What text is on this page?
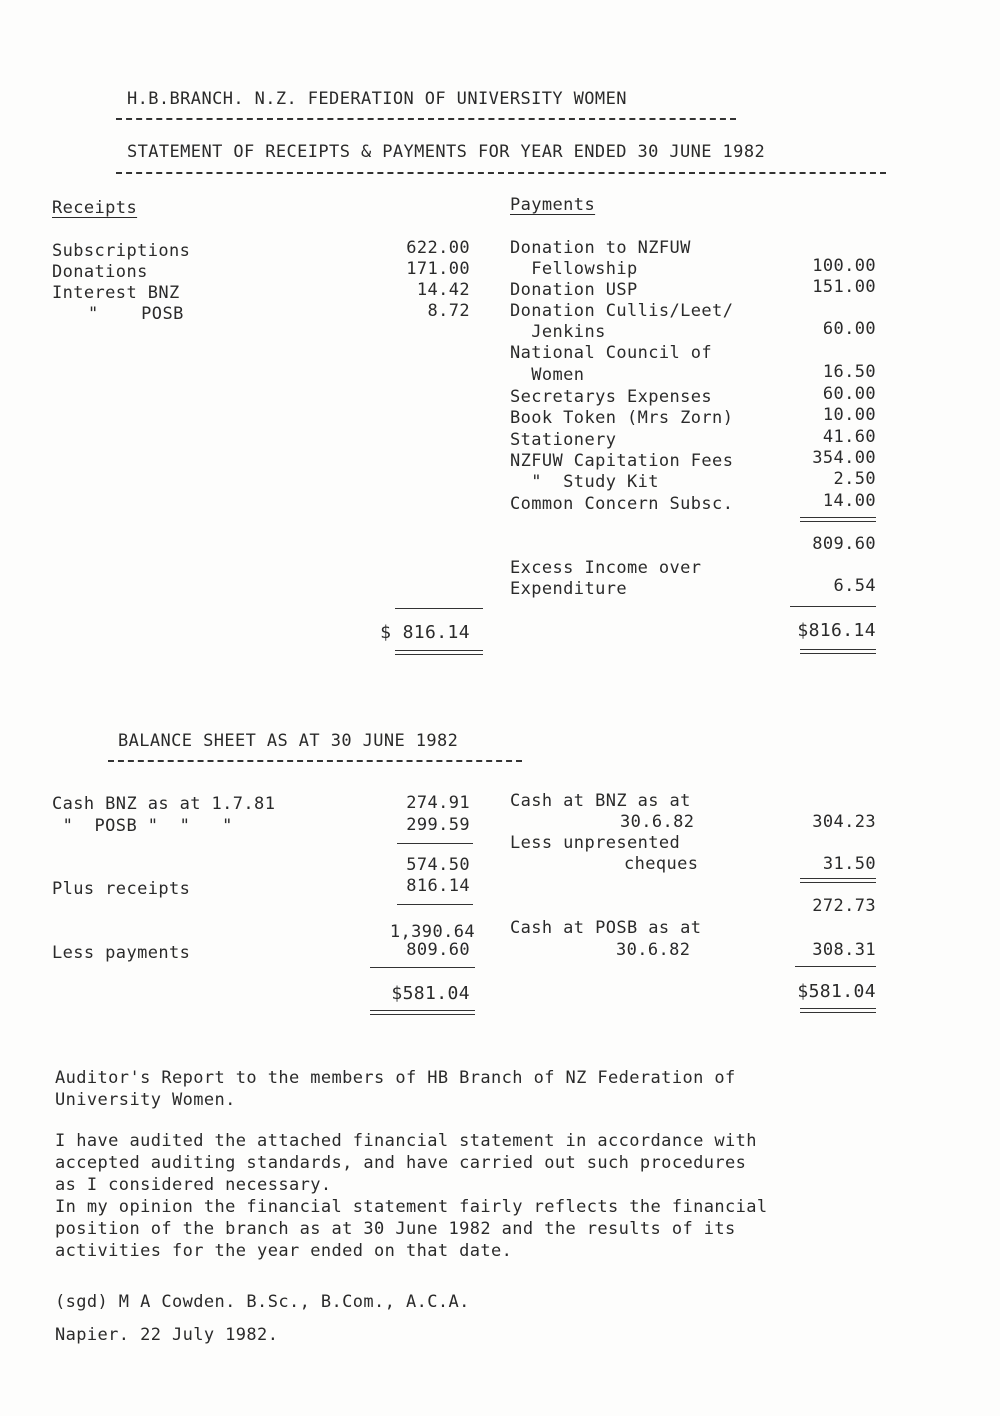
H.B.BRANCH. N.Z. FEDERATION OF UNIVERSITY WOMEN
STATEMENT OF RECEIPTS & PAYMENTS FOR YEAR ENDED 30 JUNE 1982
Receipts
Subscriptions	622.00
Donations	171.00
Interest BNZ	14.42
"    POSB	8.72
$ 816.14
Payments
Donation to NZFUW
Fellowship	100.00
Donation USP	151.00
Donation Cullis/Leet/
Jenkins	60.00
National Council of
Women	16.50
Secretarys Expenses	60.00
Book Token (Mrs Zorn)	10.00
Stationery	41.60
NZFUW Capitation Fees	354.00
"  Study Kit	2.50
Common Concern Subsc.	14.00
809.60
Excess Income over
Expenditure	6.54
$816.14
BALANCE SHEET AS AT 30 JUNE 1982
Cash BNZ as at 1.7.81	274.91
"  POSB "  "   "	299.59
574.50
Plus receipts	816.14
1,390.64
Less payments	809.60
$581.04
Cash at BNZ as at
30.6.82	304.23
Less unpresented
cheques	31.50
272.73
Cash at POSB as at
30.6.82	308.31
$581.04
Auditor's Report to the members of HB Branch of NZ Federation of
University Women.
I have audited the attached financial statement in accordance with
accepted auditing standards, and have carried out such procedures
as I considered necessary.
In my opinion the financial statement fairly reflects the financial
position of the branch as at 30 June 1982 and the results of its
activities for the year ended on that date.
(sgd) M A Cowden. B.Sc., B.Com., A.C.A.
Napier. 22 July 1982.
